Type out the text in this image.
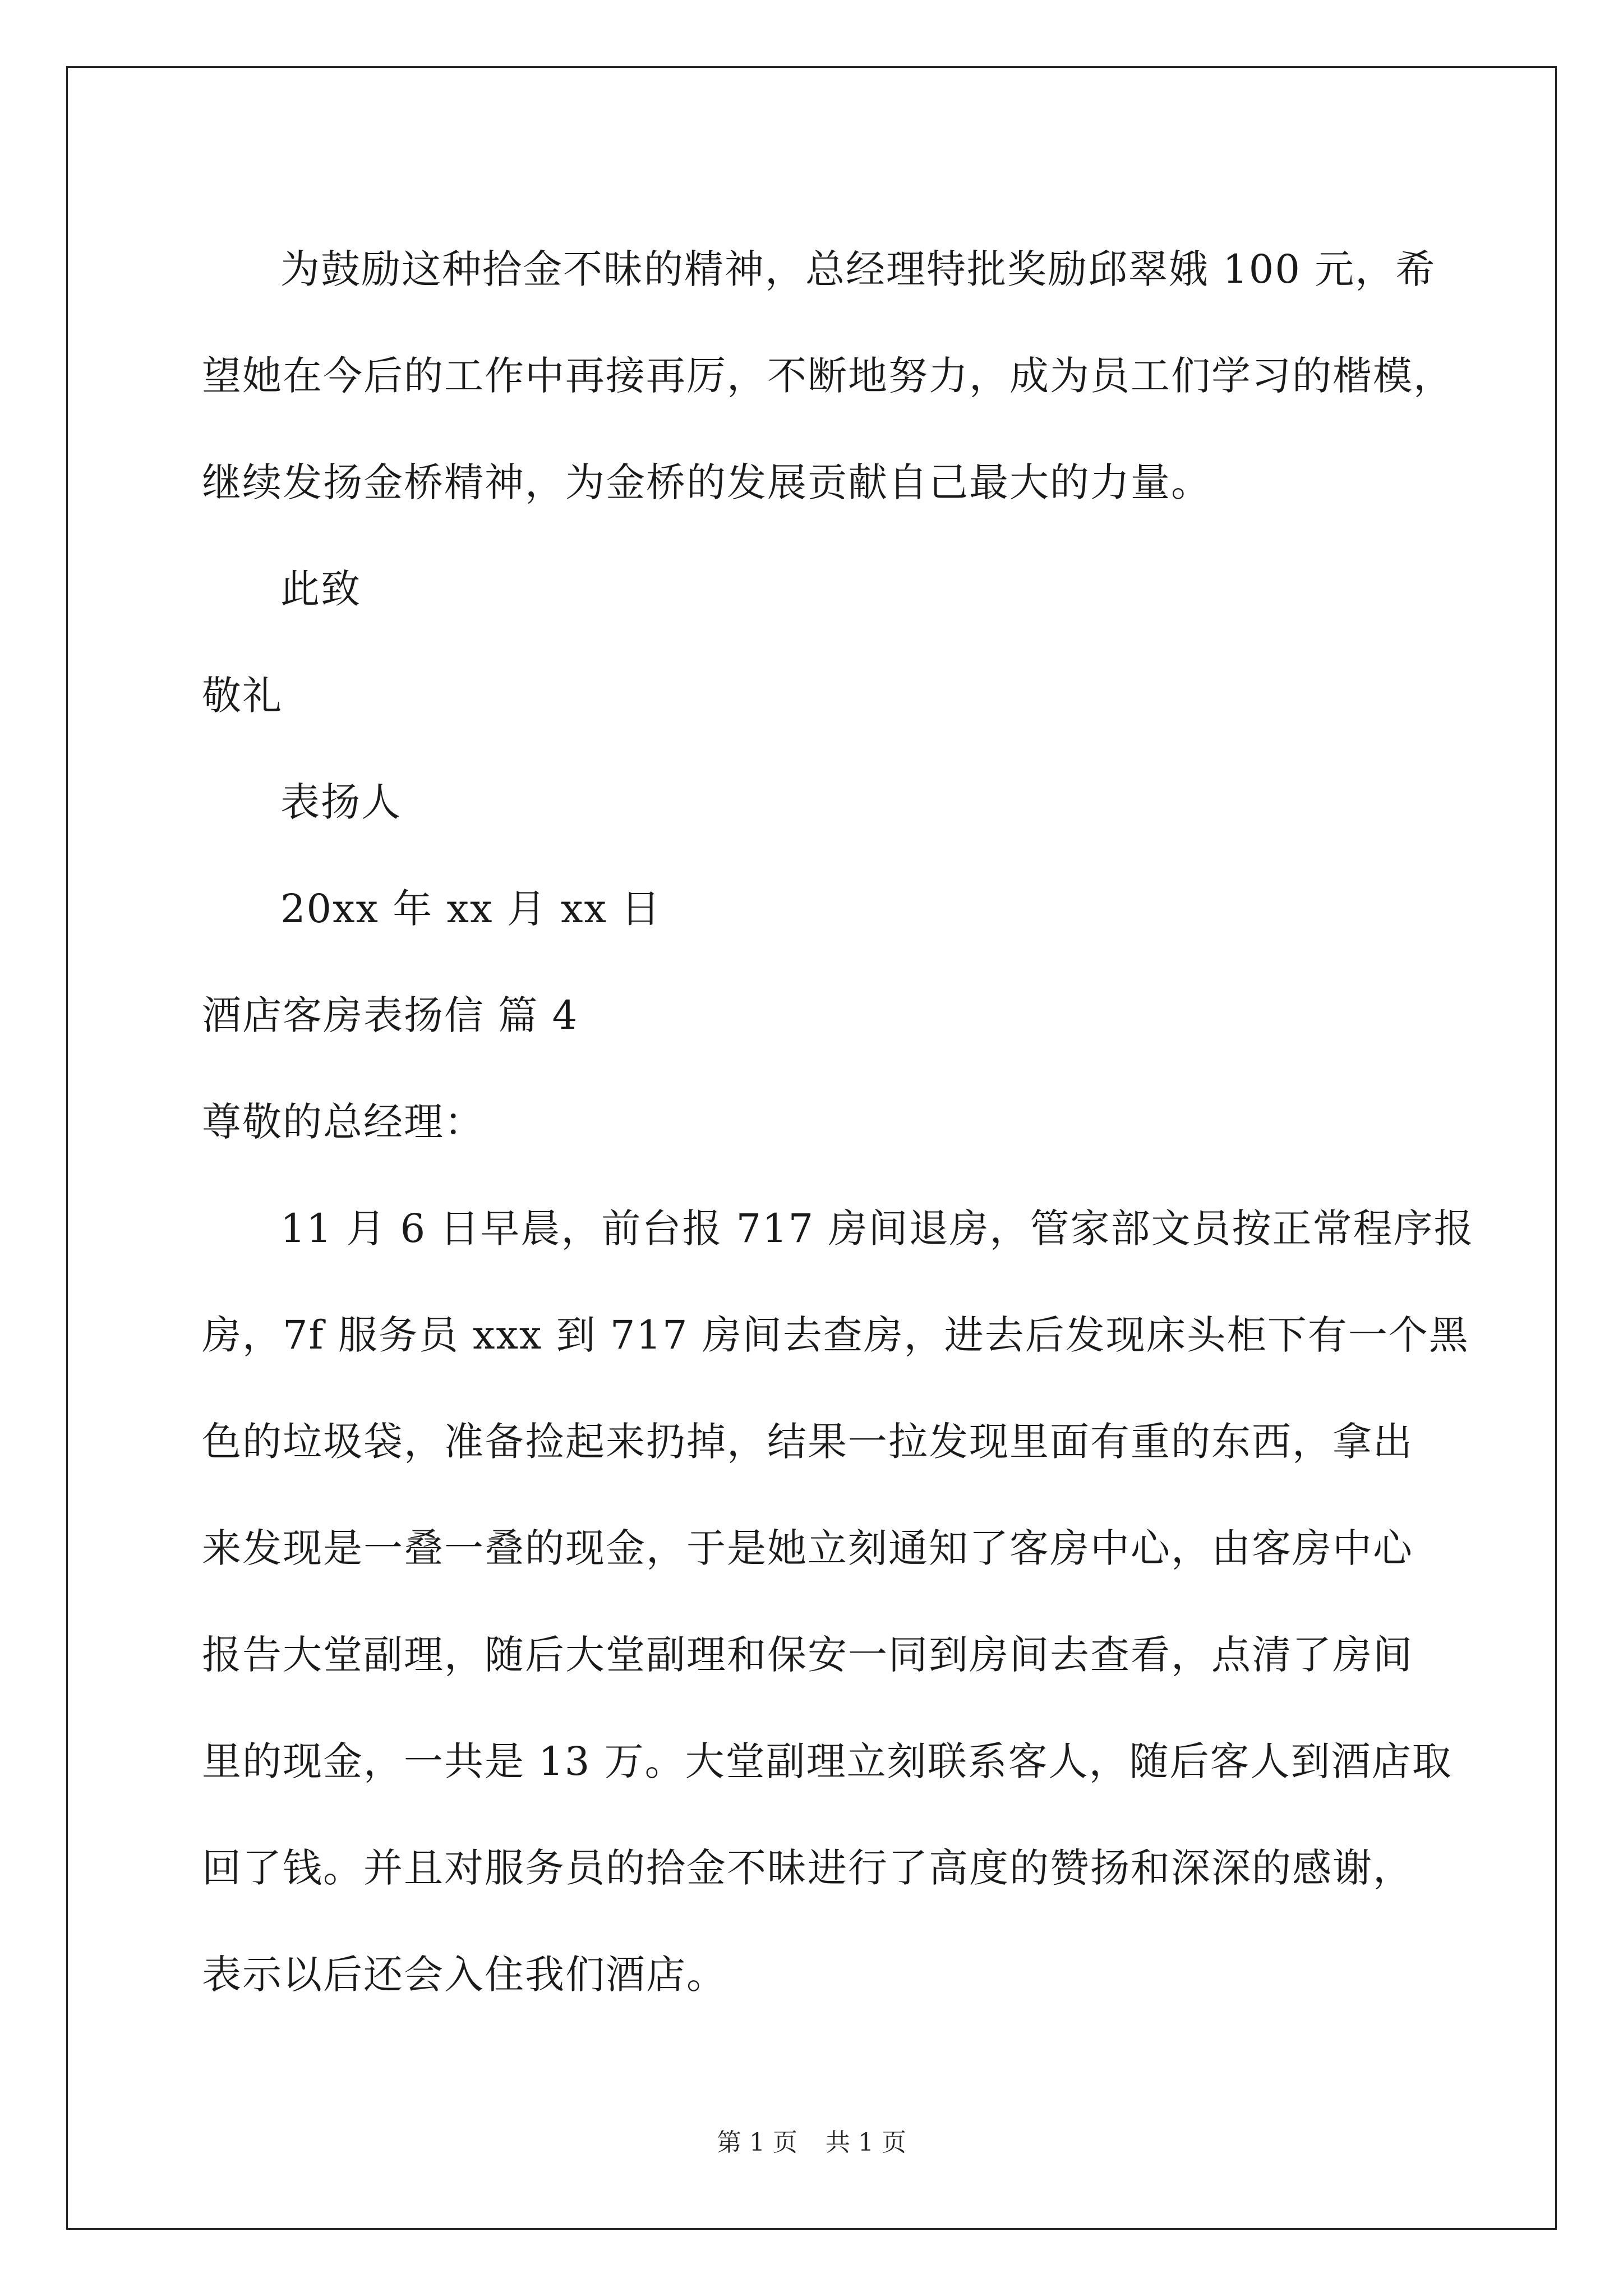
为鼓励这种拾金不昧的精神，总经理特批奖励邱翠娥 100 元，希
望她在今后的工作中再接再厉，不断地努力，成为员工们学习的楷模，
继续发扬金桥精神，为金桥的发展贡献自己最大的力量。
此致
敬礼
表扬人
20xx 年 xx 月 xx 日
酒店客房表扬信 篇 4
尊敬的总经理：
11 月 6 日早晨，前台报 717 房间退房，管家部文员按正常程序报
房，7f 服务员 xxx 到 717 房间去查房，进去后发现床头柜下有一个黑
色的垃圾袋，准备捡起来扔掉，结果一拉发现里面有重的东西，拿出
来发现是一叠一叠的现金，于是她立刻通知了客房中心，由客房中心
报告大堂副理，随后大堂副理和保安一同到房间去查看，点清了房间
里的现金，一共是 13 万。大堂副理立刻联系客人，随后客人到酒店取
回了钱。并且对服务员的拾金不昧进行了高度的赞扬和深深的感谢，
表示以后还会入住我们酒店。
第 1 页 共 1 页
